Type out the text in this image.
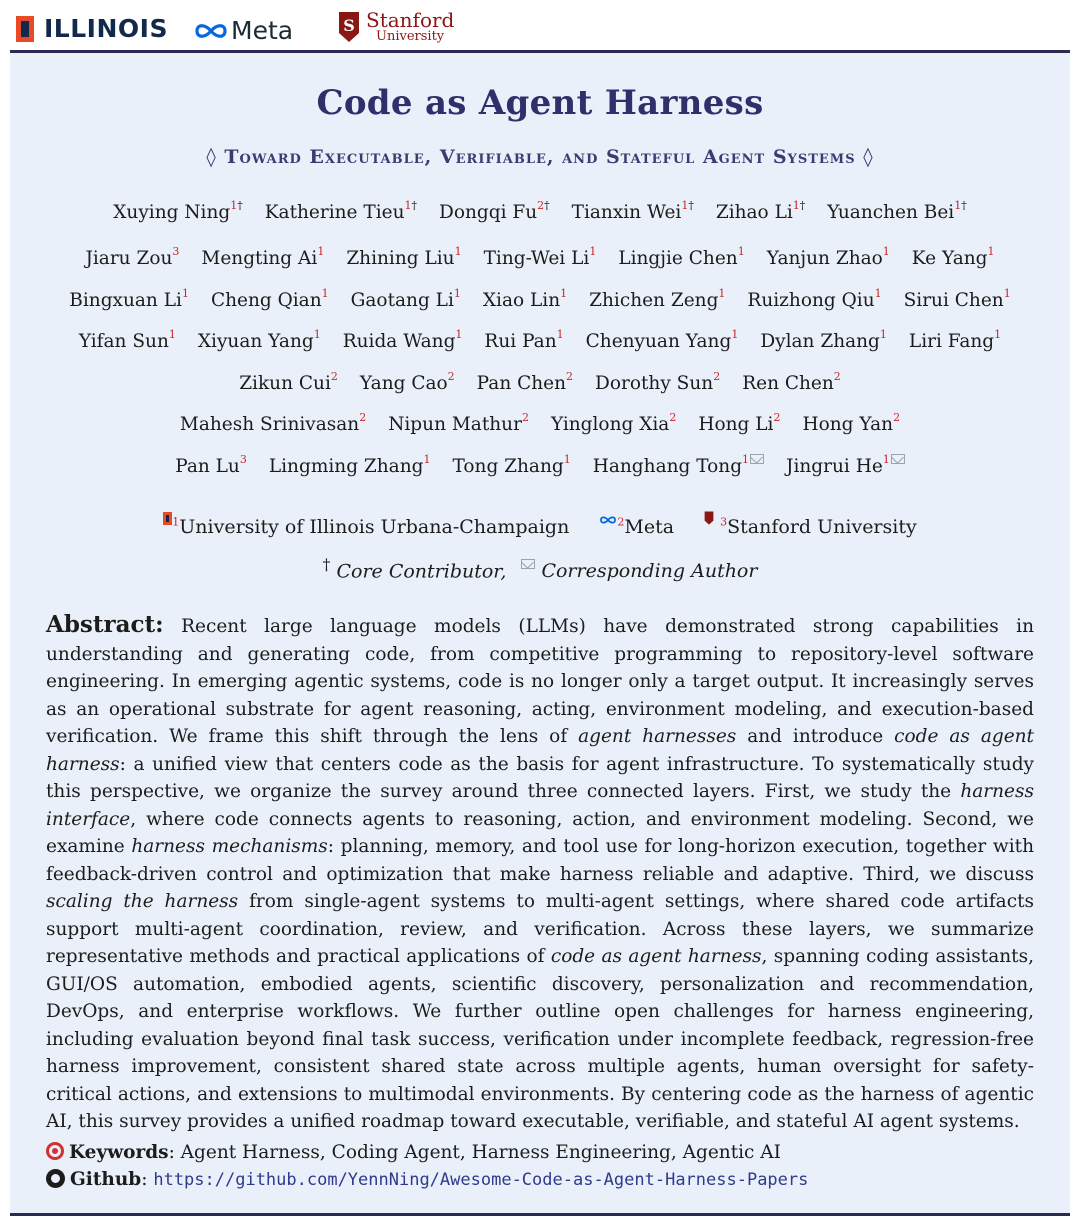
ILLINOIS	Meta	S Stanford
University
Code as Agent Harness
◊ Toward Executable, Verifiable, and Stateful Agent Systems ◊
Xuying Ning$^{1\dagger}$ Katherine Tieu$^{1\dagger}$ Dongqi $Fu^{2\dagger}$ Tianxin Wei$^{1\dagger}$ Zihao $Li^{1\dagger}$ Yuanchen Bei$^{1\dagger}$
Jiaru Zou$^3$ Mengting Ai$^1$ Zhining Liu$^1$ Ting-Wei Li$^1$ Lingjie Chen$^1$ Yanjun Zhao$^1$ Ke Yang$^1$
Bingxuan Li$^1$ Cheng Qian$^1$ Gaotang Li$^1$ Xiao Lin$^1$ Zhichen Zeng$^1$ Ruizhong Qiu$^1$ Sirui Chen$^1$
Yifan Sun$^1$ Xiyuan Yang$^1$ Ruida Wang$^1$ Rui Pan$^1$ Chenyuan Yang$^1$ Dylan Zhang$^1$ Liri Fang$^1$
Zikun Cui$^2$ Yang Cao$^2$ Pan Chen$^2$ Dorothy Sun$^2$ Ren Chen$^2$
Mahesh Srinivasan$^2$ Nipun Mathur$^2$ Yinglong Xia$^2$ Hong Li$^2$ Hong Yan$^2$
Pan Lu$^3$ Lingming Zhang$^1$ Tong Zhang$^1$ Hanghang Tong$^1$ Jingrui He$^1$
$^1$University of Illinois Urbana-Champaign	$^2$Meta	$^3$Stanford University
† Core Contributor, Corresponding Author
Abstract: Recent large language models (LLMs) have demonstrated strong capabilities in understanding and generating code, from competitive programming to repository-level software engineering. In emerging agentic systems, code is no longer only a target output. It increasingly serves as an operational substrate for agent reasoning, acting, environment modeling, and execution-based verification. We frame this shift through the lens of agent harnesses and introduce code as agent harness: a unified view that centers code as the basis for agent infrastructure. To systematically study this perspective, we organize the survey around three connected layers. First, we study the harness interface, where code connects agents to reasoning, action, and environment modeling. Second, we examine harness mechanisms: planning, memory, and tool use for long-horizon execution, together with feedback-driven control and optimization that make harness reliable and adaptive. Third, we discuss scaling the harness from single-agent systems to multi-agent settings, where shared code artifacts support multi-agent coordination, review, and verification. Across these layers, we summarize representative methods and practical applications of code as agent harness, spanning coding assistants, GUI/OS automation, embodied agents, scientific discovery, personalization and recommendation, DevOps, and enterprise workflows. We further outline open challenges for harness engineering, including evaluation beyond final task success, verification under incomplete feedback, regression-free harness improvement, consistent shared state across multiple agents, human oversight for safety-critical actions, and extensions to multimodal environments. By centering code as the harness of agentic AI, this survey provides a unified roadmap toward executable, verifiable, and stateful AI agent systems.
Keywords: Agent Harness, Coding Agent, Harness Engineering, Agentic AI
Github: https://github.com/YennNing/Awesome-Code-as-Agent-Harness-Papers
